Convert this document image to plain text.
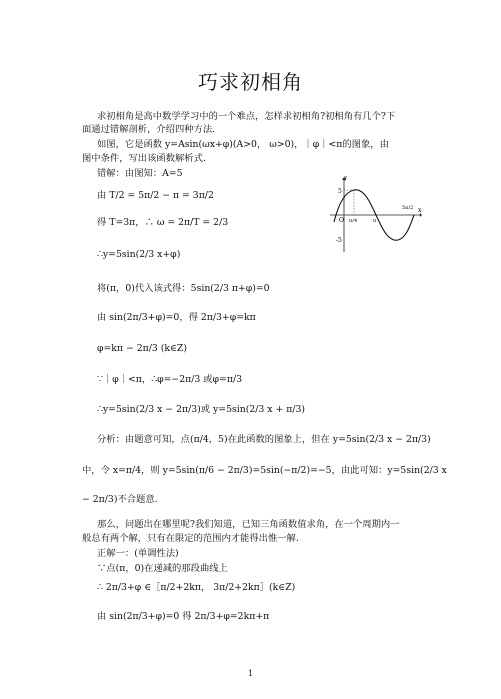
巧求初相角
求初相角是高中数学学习中的一个难点，怎样求初相角?初相角有几个?下
面通过错解剖析，介绍四种方法.
如图，它是函数 y=Asin(ωx+φ)(A>0， ω>0)，｜φ｜<π的图象，由
图中条件，写出该函数解析式.
错解：由图知：A=5
由 T/2 = 5π/2 − π = 3π/2
得 T=3π，∴ ω = 2π/T = 2/3
∴y=5sin(2/3 x+φ)
将(π，0)代入该式得：5sin(2/3 π+φ)=0
由 sin(2π/3+φ)=0，得 2π/3+φ=kπ
φ=kπ − 2π/3 (k∈Z)
∵｜φ｜<π，∴φ=−2π/3 或φ=π/3
∴y=5sin(2/3 x − 2π/3)或 y=5sin(2/3 x + π/3)
分析：由题意可知，点(π/4，5)在此函数的图象上，但在 y=5sin(2/3 x − 2π/3)
中，令 x=π/4，则 y=5sin(π/6 − 2π/3)=5sin(−π/2)=−5，由此可知：y=5sin(2/3 x
− 2π/3)不合题意.
那么，问题出在哪里呢?我们知道，已知三角函数值求角，在一个周期内一
般总有两个解，只有在限定的范围内才能得出惟一解.
正解一：(单调性法)
∵点(π，0)在递减的那段曲线上
∴ 2π/3+φ ∈［π/2+2kπ， 3π/2+2kπ］(k∈Z)
由 sin(2π/3+φ)=0 得 2π/3+φ=2kπ+π
y
x
5
-5
O π/4	π
5π/2
1
